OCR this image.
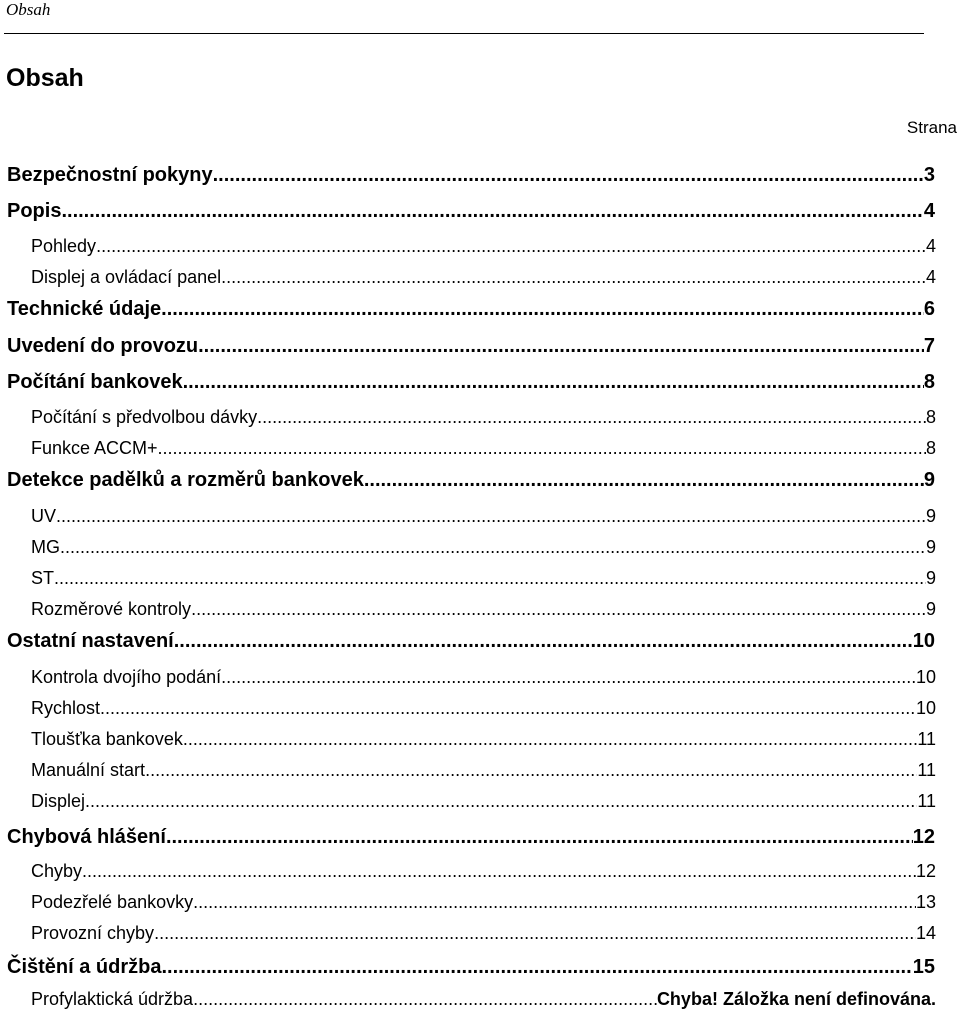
Obsah
Obsah
Strana
Bezpečnostní pokyny .....	3
Popis .....	4
Pohledy .....	4
Displej a ovládací panel .....	4
Technické údaje .....	6
Uvedení do provozu .....	7
Počítání bankovek .....	8
Počítání s předvolbou dávky .....	8
Funkce ACCM+ .....	8
Detekce padělků a rozměrů bankovek .....	9
UV .....	9
MG .....	9
ST .....	9
Rozměrové kontroly .....	9
Ostatní nastavení .....	10
Kontrola dvojího podání .....	10
Rychlost .....	10
Tloušťka bankovek .....	11
Manuální start .....	11
Displej .....	11
Chybová hlášení .....	12
Chyby .....	12
Podezřelé bankovky .....	13
Provozní chyby .....	14
Čištění a údržba .....	15
Profylaktická údržba .....	Chyba! Záložka není definována.
